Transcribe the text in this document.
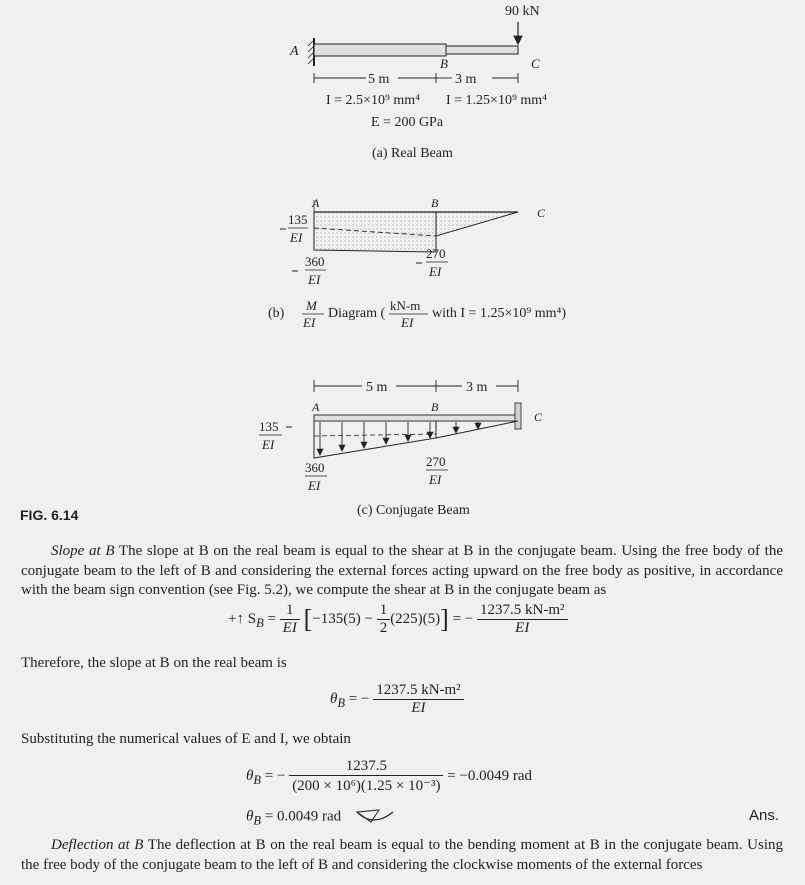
90 kN
A
B	C
5 m	3 m
I = 2.5×10⁹ mm⁴ I = 1.25×10⁹ mm⁴
E = 200 GPa
(a) Real Beam
A	B
C
135
EI
360
EI
270
EI
(b)
M
EI
Diagram (
kN-m
EI
with I = 1.25×10⁹ mm⁴)
5 m	3 m
A	B
C
135
EI
360
EI
270
EI
(c) Conjugate Beam
FIG. 6.14
Slope at B The slope at B on the real beam is equal to the shear at B in the conjugate beam. Using the free body of the conjugate beam to the left of B and considering the external forces acting upward on the free body as positive, in accordance with the beam sign convention (see Fig. 5.2), we compute the shear at B in the conjugate beam as
+↑ $S_B = \frac{1}{EI} [-135(5) - \frac{1}{2} (225)(5)]$ = − $\frac{\text{1237.5 kN-m²}}{EI}$
Therefore, the slope at B on the real beam is
$\theta_B$ = − $\frac{\text{1237.5 kN-m²}}{EI}$
Substituting the numerical values of E and I, we obtain
$\theta_B$ = − $\frac{1237.5}{\text{(200 × 10⁶)(1.25 × 10⁻³)}} = -0.0049$ rad
$\theta_B = 0.0049$ rad	Ans.
Deflection at B The deflection at B on the real beam is equal to the bending moment at B in the conjugate beam. Using the free body of the conjugate beam to the left of B and considering the clockwise moments of the external forces
